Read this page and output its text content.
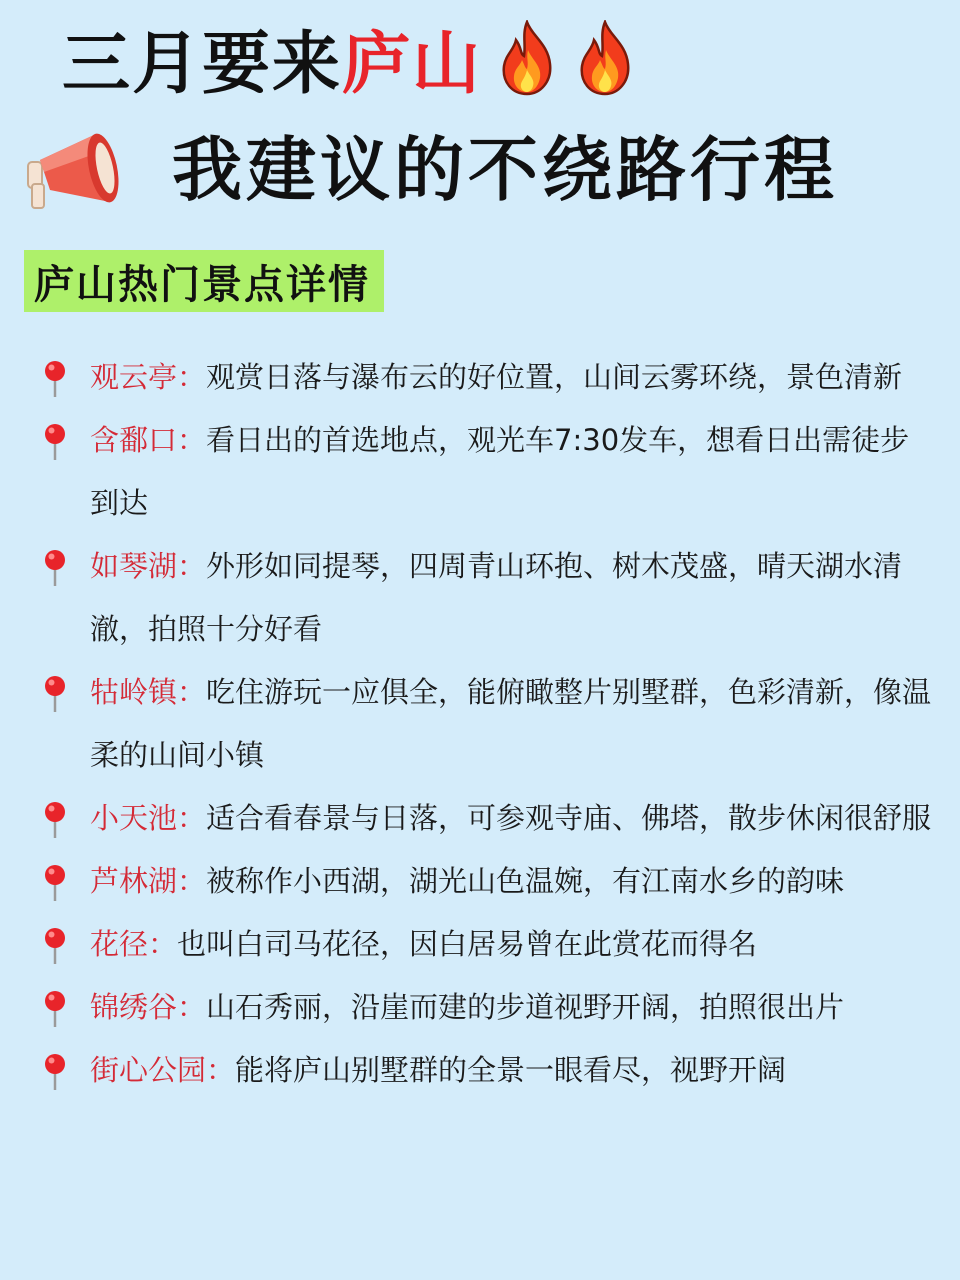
三月要来 庐山
我建议的不绕路行程
庐山热门景点详情
观云亭：观赏日落与瀑布云的好位置，山间云雾环绕，景色清新
含鄱口：看日出的首选地点，观光车7:30发车，想看日出需徒步到达
如琴湖：外形如同提琴，四周青山环抱、树木茂盛，晴天湖水清澈，拍照十分好看
牯岭镇：吃住游玩一应俱全，能俯瞰整片别墅群，色彩清新，像温柔的山间小镇
小天池：适合看春景与日落，可参观寺庙、佛塔，散步休闲很舒服
芦林湖：被称作小西湖，湖光山色温婉，有江南水乡的韵味
花径：也叫白司马花径，因白居易曾在此赏花而得名
锦绣谷：山石秀丽，沿崖而建的步道视野开阔，拍照很出片
街心公园：能将庐山别墅群的全景一眼看尽，视野开阔
